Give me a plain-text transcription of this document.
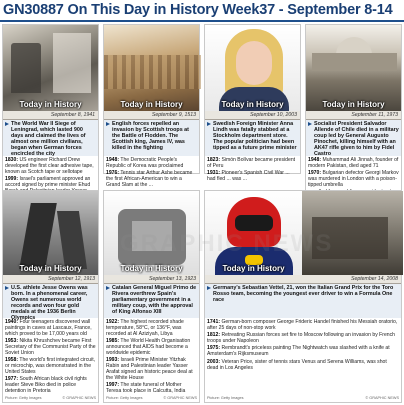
GN30887 On This Day in History Week37 - September 8-14
Today in History
September 8, 1941
The World War II Siege of Leningrad, which lasted 900 days and claimed the lives of almost one million civilians, began when German forces encircled the city

1830: US engineer Richard Drew developed the first clear adhesive tape, known as Scotch tape or sellotape

1999: Israel's parliament approved an accord signed by prime minister Ehud

Today in History
September 9, 1513
English forces repelled an invasion by Scottish troops at the Battle of Flodden. The Scottish king, James IV, was killed in the fighting

1948: The Democratic People's Republic of Korea was proclaimed

1976: Tennis star Arthur Ashe became the first African-American to win a Grand Slam at the ...

Today in History
September 10, 2003
Swedish Foreign Minister Anna Lindh was fatally stabbed at a Stockholm department store. The popular politician had been tipped as a future prime minister

1823: Simón Bolívar became president of Peru

1931: Pioneer's Spanish Civil War ... had fled ... was ...

Today in History
September 11, 1973
Socialist President Salvador Allende of Chile died in a military coup led by General Augusto Pinochet, killing himself with an AK47 rifle given to him by Fidel Castro

1948: Muhammad Ali Jinnah, founder of modern Pakistan, died aged 71

1970: Bulgarian defector Georgi Markov was murdered in London with a poison-tipped umbrella

Today in History
September 12, 1913
U.S. athlete Jesse Owens was born. In a phenomenal career, Owens set numerous world records and won four gold medals at the 1936 Berlin Olympics

1940: Four teenagers discovered wall paintings in caves at Lascaux, France, which proved to be 17,000 years old

1953: Nikita Khrushchev became First Secretary of the Communist Party of the Soviet Union

1958: The world's first integrated circuit, or microchip, was demonstrated in the United States

1977: South African black civil rights leader Steve Biko died in police detention in Pretoria

Picture: Getty Images	© GRAPHIC NEWS
Today in History
September 13, 1923
Catalan General Miguel Primo de Rivera overthrew Spain's parliamentary government in a military coup, with the approval of King Alfonso XIII

1922: The highest recorded shade temperature, 58°C, or 136°F, was recorded at Al Aziziyah, Libya

1985: The World Health Organisation announced that AIDS had become a worldwide epidemic

1993: Israeli Prime Minister Yitzhak Rabin and Palestinian leader Yasser Arafat signed an historic peace deal at the White House

1997: The state funeral of Mother Teresa took place in Calcutta, India

Picture: Getty Images	© GRAPHIC NEWS
Today in History
September 14, 2008
Germany's Sebastian Vettel, 21, won the Italian Grand Prix for the Toro Rosso team, becoming the youngest ever driver to win a Formula One race

1741: German-born composer George Frideric Handel finished his Messiah oratorio, after 25 days of non-stop work

1812: Retreating Russian forces set fire to Moscow following an invasion by French troops under Napoleon

1975: Rembrandt's priceless painting The Nightwatch was slashed with a knife at Amsterdam's Rijksmuseum

2003: Veteran Price, sister of tennis stars Venus and Serena Williams, was shot dead in Los Angeles

Picture: Getty Images	© GRAPHIC NEWS
